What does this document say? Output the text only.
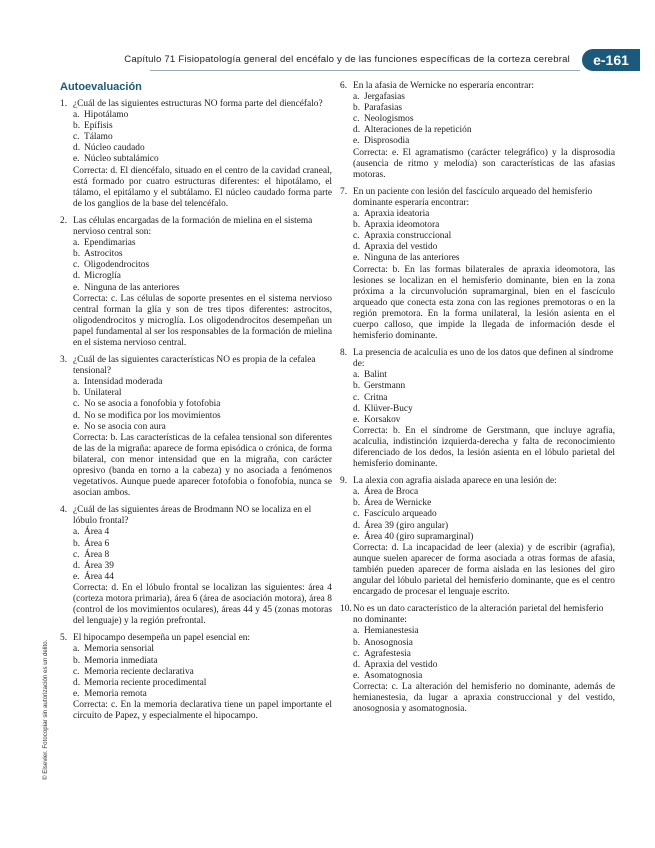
Capítulo 71 Fisiopatología general del encéfalo y de las funciones específicas de la corteza cerebral	e-161
Autoevaluación
1. ¿Cuál de las siguientes estructuras NO forma parte del diencéfalo?
a. Hipotálamo
b. Epífisis
c. Tálamo
d. Núcleo caudado
e. Núcleo subtalámico
Correcta: d. El diencéfalo, situado en el centro de la cavidad craneal, está formado por cuatro estructuras diferentes: el hipotálamo, el tálamo, el epitálamo y el subtálamo. El núcleo caudado forma parte de los ganglios de la base del telencéfalo.
2. Las células encargadas de la formación de mielina en el sistema nervioso central son:
a. Ependimarias
b. Astrocitos
c. Oligodendrocitos
d. Microglía
e. Ninguna de las anteriores
Correcta: c. Las células de soporte presentes en el sistema nervioso central forman la glía y son de tres tipos diferentes: astrocitos, oligodendrocitos y microglía. Los oligodendrocitos desempeñan un papel fundamental al ser los responsables de la formación de mielina en el sistema nervioso central.
3. ¿Cuál de las siguientes características NO es propia de la cefalea tensional?
a. Intensidad moderada
b. Unilateral
c. No se asocia a fonofobia y fotofobia
d. No se modifica por los movimientos
e. No se asocia con aura
Correcta: b. Las características de la cefalea tensional son diferentes de las de la migraña: aparece de forma episódica o crónica, de forma bilateral, con menor intensidad que en la migraña, con carácter opresivo (banda en torno a la cabeza) y no asociada a fenómenos vegetativos. Aunque puede aparecer fotofobia o fonofobia, nunca se asocian ambos.
4. ¿Cuál de las siguientes áreas de Brodmann NO se localiza en el lóbulo frontal?
a. Área 4
b. Área 6
c. Área 8
d. Área 39
e. Área 44
Correcta: d. En el lóbulo frontal se localizan las siguientes: área 4 (corteza motora primaria), área 6 (área de asociación motora), área 8 (control de los movimientos oculares), áreas 44 y 45 (zonas motoras del lenguaje) y la región prefrontal.
5. El hipocampo desempeña un papel esencial en:
a. Memoria sensorial
b. Memoria inmediata
c. Memoria reciente declarativa
d. Memoria reciente procedimental
e. Memoria remota
Correcta: c. En la memoria declarativa tiene un papel importante el circuito de Papez, y especialmente el hipocampo.
6. En la afasia de Wernicke no esperaría encontrar:
a. Jergafasias
b. Parafasias
c. Neologismos
d. Alteraciones de la repetición
e. Disprosodia
Correcta: e. El agramatismo (carácter telegráfico) y la disprosodia (ausencia de ritmo y melodía) son características de las afasias motoras.
7. En un paciente con lesión del fascículo arqueado del hemisferio dominante esperaría encontrar:
a. Apraxia ideatoria
b. Apraxia ideomotora
c. Apraxia construccional
d. Apraxia del vestido
e. Ninguna de las anteriores
Correcta: b. En las formas bilaterales de apraxia ideomotora, las lesiones se localizan en el hemisferio dominante, bien en la zona próxima a la circunvolución supramarginal, bien en el fascículo arqueado que conecta esta zona con las regiones premotoras o en la región premotora. En la forma unilateral, la lesión asienta en el cuerpo calloso, que impide la llegada de información desde el hemisferio dominante.
8. La presencia de acalculia es uno de los datos que definen al síndrome de:
a. Balint
b. Gerstmann
c. Critna
d. Klüver-Bucy
e. Korsakov
Correcta: b. En el síndrome de Gerstmann, que incluye agrafia, acalculia, indistinción izquierda-derecha y falta de reconocimiento diferenciado de los dedos, la lesión asienta en el lóbulo parietal del hemisferio dominante.
9. La alexia con agrafia aislada aparece en una lesión de:
a. Área de Broca
b. Área de Wernicke
c. Fascículo arqueado
d. Área 39 (giro angular)
e. Área 40 (giro supramarginal)
Correcta: d. La incapacidad de leer (alexia) y de escribir (agrafia), aunque suelen aparecer de forma asociada a otras formas de afasia, también pueden aparecer de forma aislada en las lesiones del giro angular del lóbulo parietal del hemisferio dominante, que es el centro encargado de procesar el lenguaje escrito.
10. No es un dato característico de la alteración parietal del hemisferio no dominante:
a. Hemianestesia
b. Anosognosia
c. Agrafestesia
d. Apraxia del vestido
e. Asomatognosia
Correcta: c. La alteración del hemisferio no dominante, además de hemianestesia, da lugar a apraxia construccional y del vestido, anosognosia y asomatognosia.
© Elsevier. Fotocopiar sin autorización es un delito.
